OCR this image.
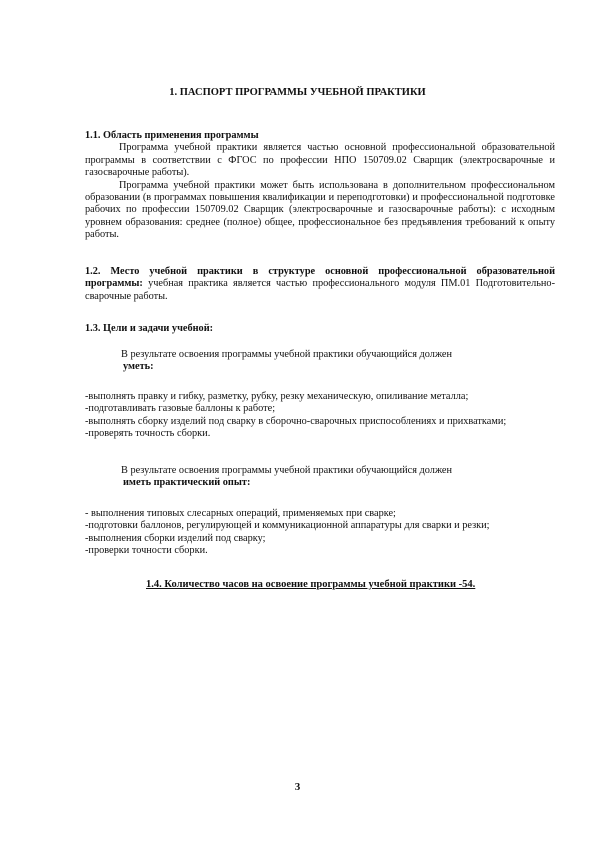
1. ПАСПОРТ ПРОГРАММЫ УЧЕБНОЙ ПРАКТИКИ

1.1. Область применения программы

Программа учебной практики является частью основной профессиональной образовательной программы в соответствии с ФГОС по профессии НПО 150709.02 Сварщик (электросварочные и газосварочные работы).

Программа учебной практики может быть использована в дополнительном профессиональном образовании (в программах повышения квалификации и переподготовки) и профессиональной подготовке рабочих по профессии 150709.02 Сварщик (электросварочные и газосварочные работы): с исходным уровнем образования: среднее (полное) общее, профессиональное без предъявления требований к опыту работы.

1.2. Место учебной практики в структуре основной профессиональной образовательной программы: учебная практика является частью профессионального модуля ПМ.01 Подготовительно-сварочные работы.

1.3. Цели и задачи учебной:

В результате освоения программы учебной практики обучающийся должен

уметь:

-выполнять правку и гибку, разметку, рубку, резку механическую, опиливание металла;

-подготавливать газовые баллоны к работе;

-выполнять сборку изделий под сварку в сборочно-сварочных приспособлениях и прихватками;

-проверять точность сборки.

В результате освоения программы учебной практики обучающийся должен

иметь практический опыт:

- выполнения типовых слесарных операций, применяемых при сварке;

-подготовки баллонов, регулирующей и коммуникационной аппаратуры для сварки и резки;

-выполнения сборки изделий под сварку;

-проверки точности сборки.

1.4. Количество часов на освоение программы учебной практики -54.

3
